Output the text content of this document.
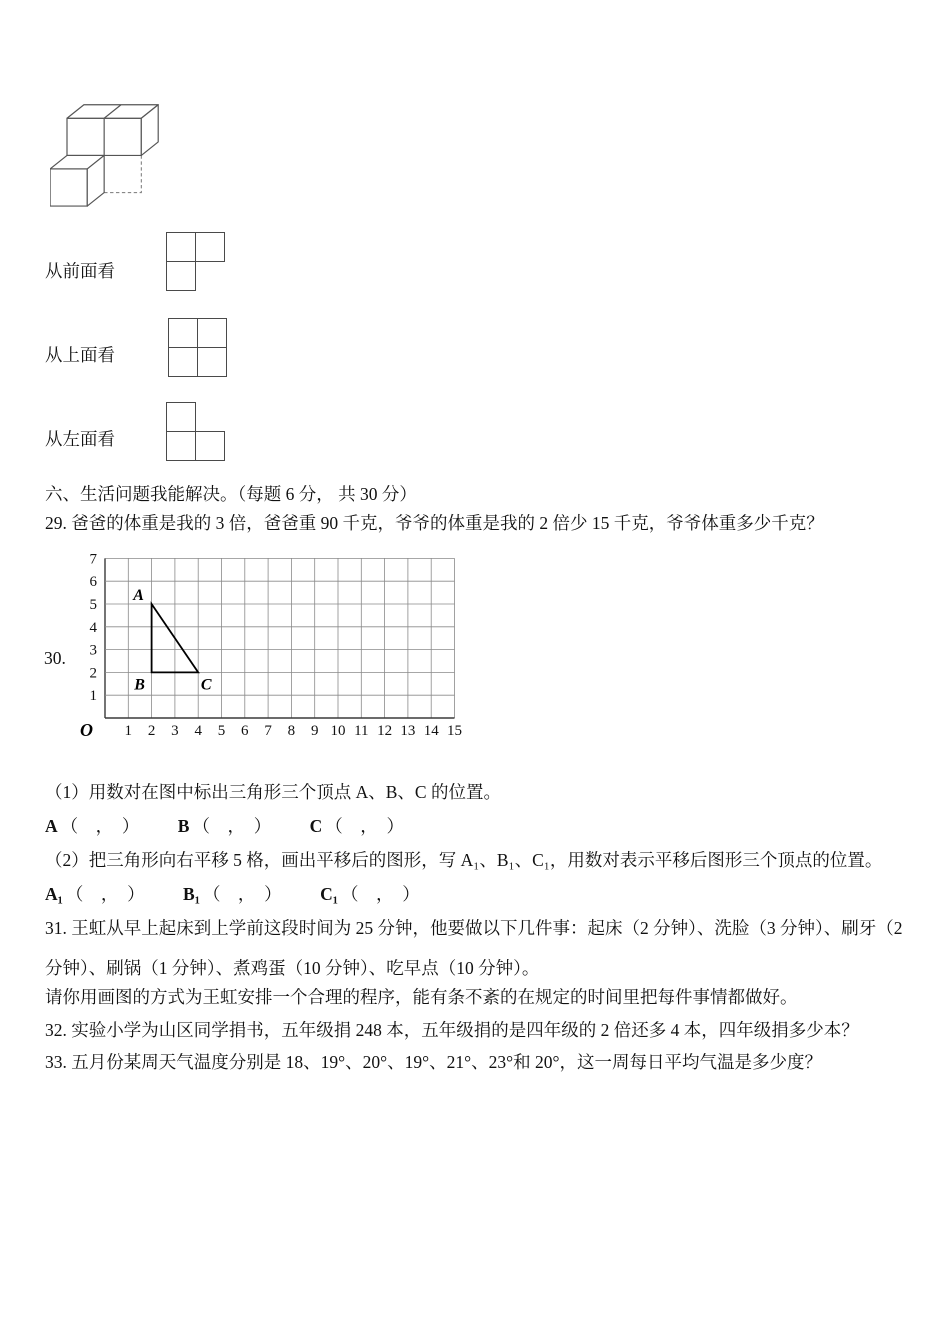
从前面看
从上面看
从左面看

六、生活问题我能解决。（每题 6 分， 共 30 分）

29. 爸爸的体重是我的 3 倍，爸爸重 90 千克，爷爷的体重是我的 2 倍少 15 千克，爷爷体重多少千克？

30.
1 2 3 4 5 6 7 8 9 10 11 12 13 14 15
1
2
3
4
5
6
7
O
A
B	C

（1）用数对在图中标出三角形三个顶点 A、B、C 的位置。

A （　，　） B （　，　） C （　，　）

（2）把三角形向右平移 5 格，画出平移后的图形，写 A₁、B₁、C₁，用数对表示平移后图形三个顶点的位置。

A₁ （　，　） B₁ （　，　） C₁ （　，　）

31. 王虹从早上起床到上学前这段时间为 25 分钟，他要做以下几件事：起床（2 分钟）、洗脸（3 分钟）、刷牙（2 分钟）、刷锅（1 分钟）、煮鸡蛋（10 分钟）、吃早点（10 分钟）。

请你用画图的方式为王虹安排一个合理的程序，能有条不紊的在规定的时间里把每件事情都做好。

32. 实验小学为山区同学捐书，五年级捐 248 本，五年级捐的是四年级的 2 倍还多 4 本，四年级捐多少本？

33. 五月份某周天气温度分别是 18、19°、20°、19°、21°、23°和 20°，这一周每日平均气温是多少度？
